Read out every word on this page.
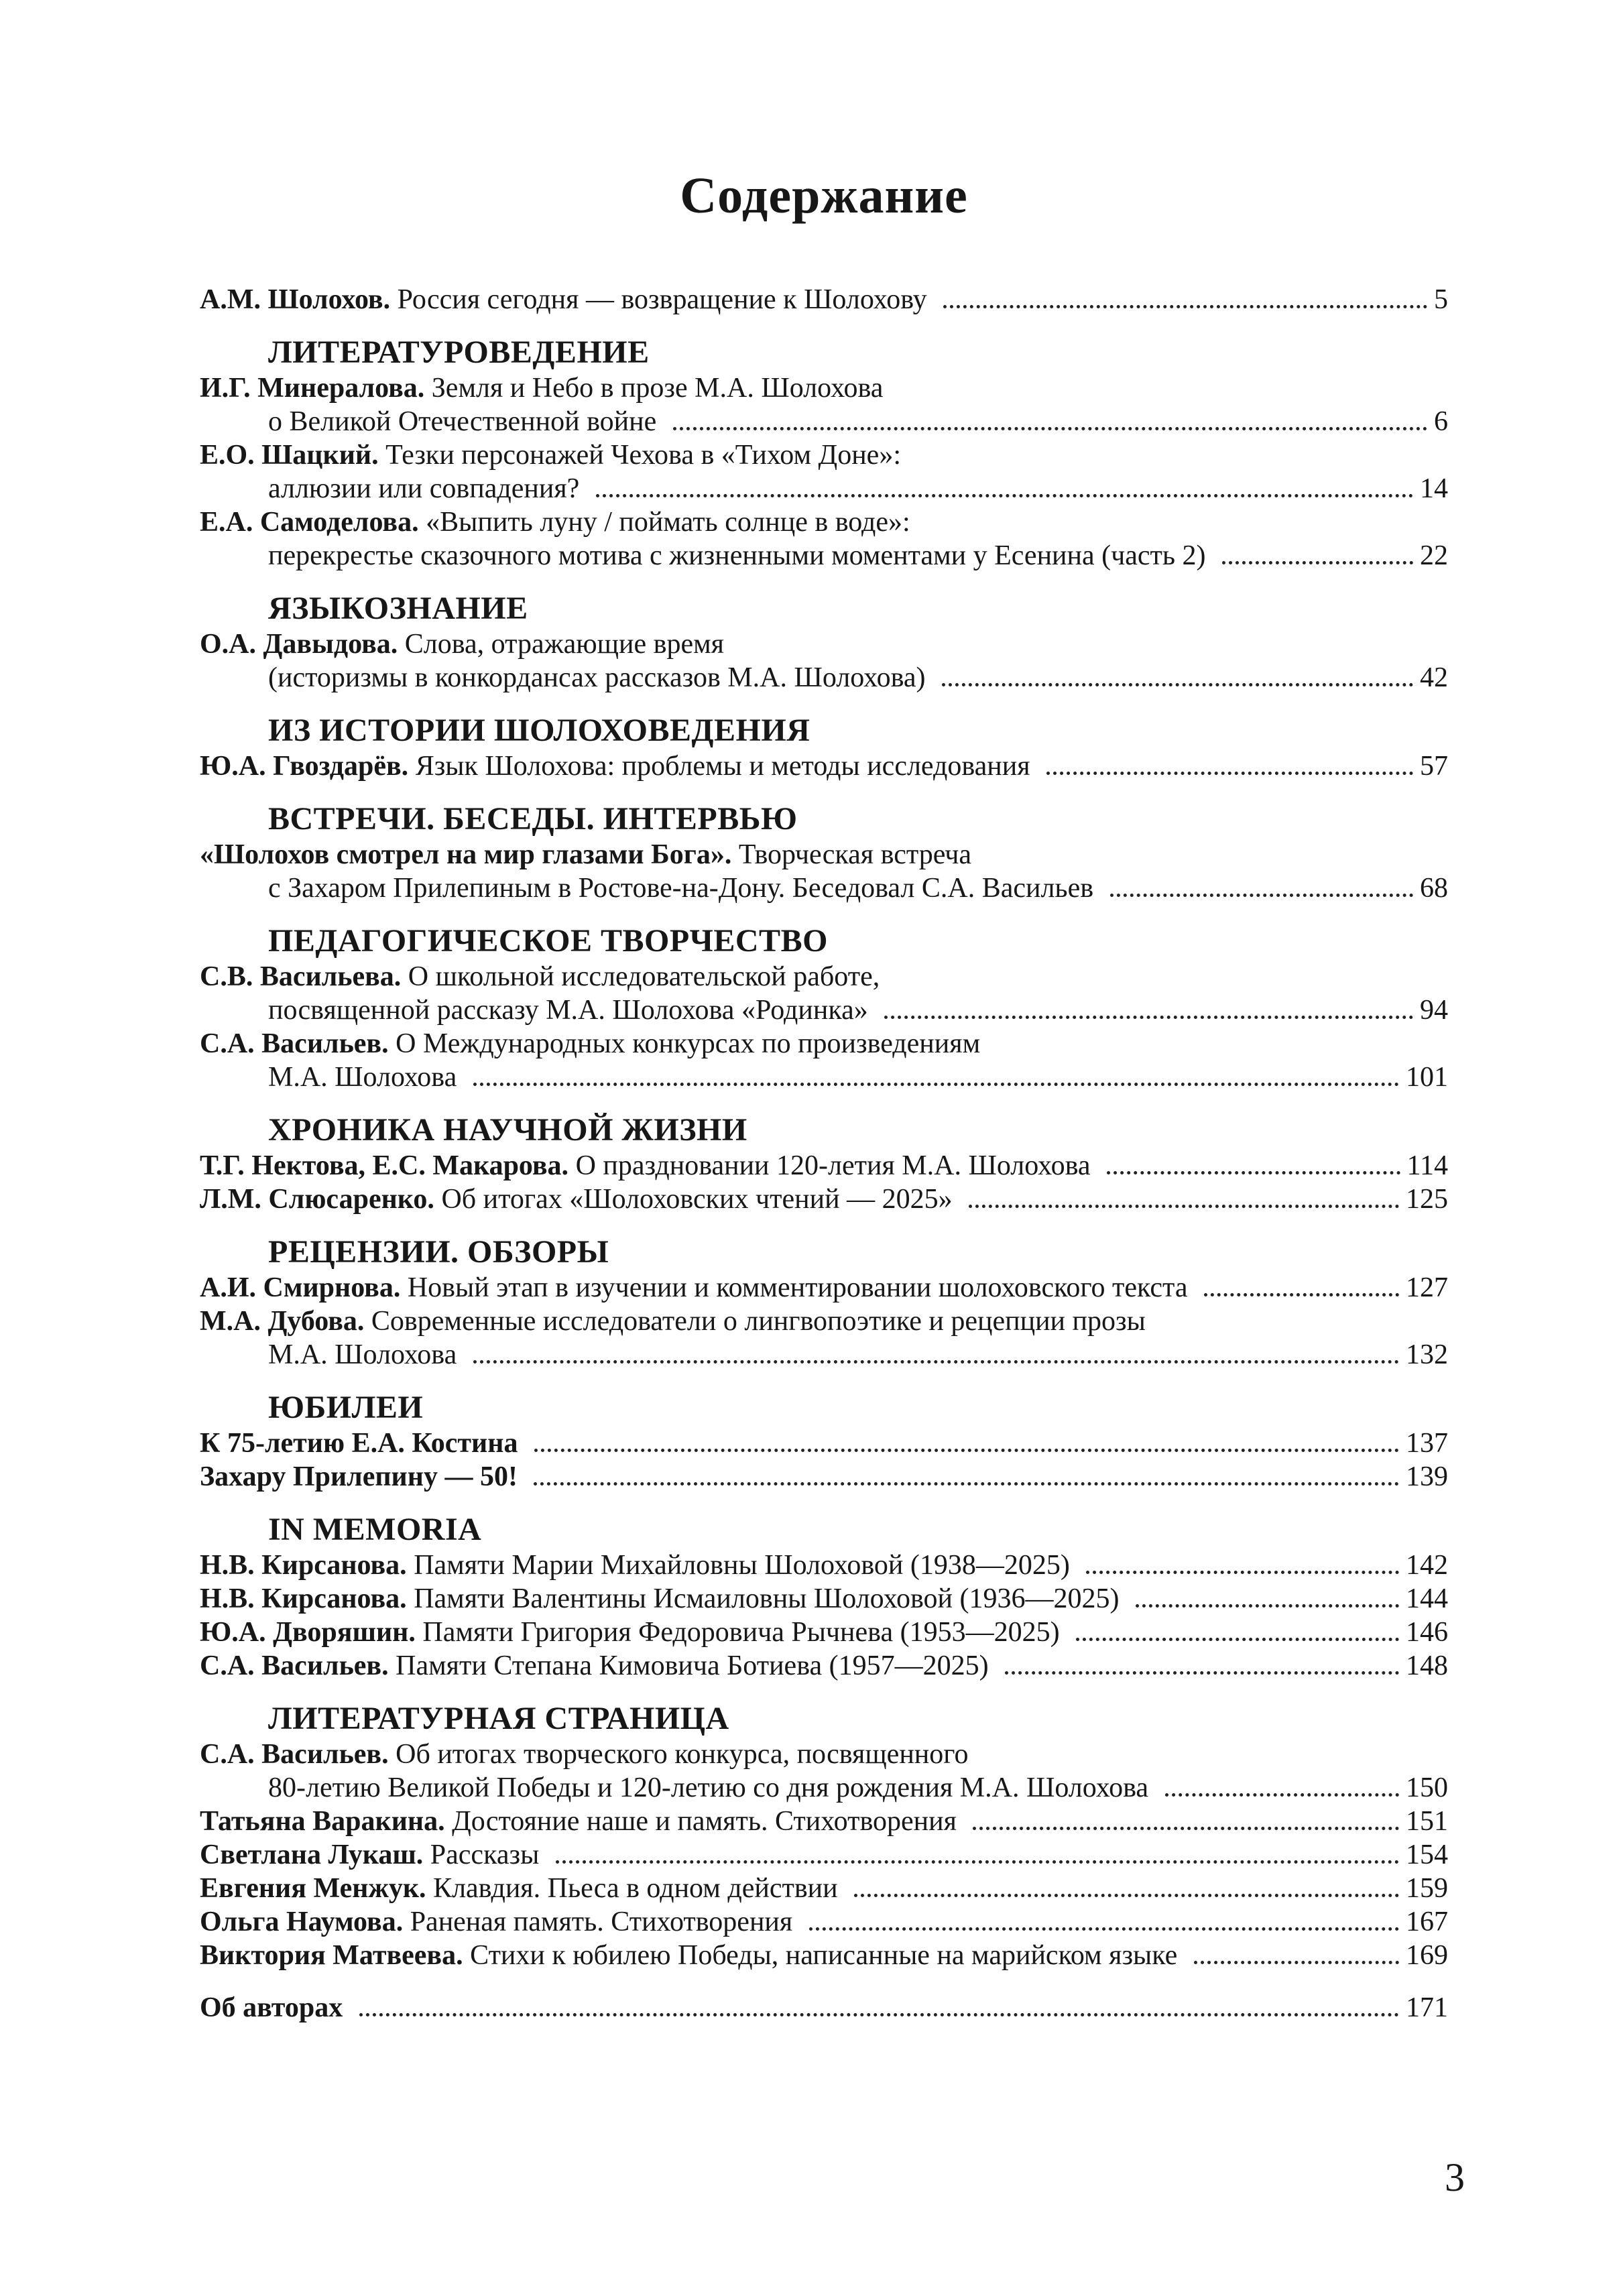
Содержание
А.М. Шолохов. Россия сегодня — возвращение к Шолохову	5
ЛИТЕРАТУРОВЕДЕНИЕ
И.Г. Минералова. Земля и Небо в прозе М.А. Шолохова
о Великой Отечественной войне	6
Е.О. Шацкий. Тезки персонажей Чехова в «Тихом Доне»:
аллюзии или совпадения?	14
Е.А. Самоделова. «Выпить луну / поймать солнце в воде»:
перекрестье сказочного мотива с жизненными моментами у Есенина (часть 2)	22
ЯЗЫКОЗНАНИЕ
О.А. Давыдова. Слова, отражающие время
(историзмы в конкордансах рассказов М.А. Шолохова)	42
ИЗ ИСТОРИИ ШОЛОХОВЕДЕНИЯ
Ю.А. Гвоздарёв. Язык Шолохова: проблемы и методы исследования	57
ВСТРЕЧИ. БЕСЕДЫ. ИНТЕРВЬЮ
«Шолохов смотрел на мир глазами Бога». Творческая встреча
с Захаром Прилепиным в Ростове-на-Дону. Беседовал С.А. Васильев	68
ПЕДАГОГИЧЕСКОЕ ТВОРЧЕСТВО
С.В. Васильева. О школьной исследовательской работе,
посвященной рассказу М.А. Шолохова «Родинка»	94
С.А. Васильев. О Международных конкурсах по произведениям
М.А. Шолохова	101
ХРОНИКА НАУЧНОЙ ЖИЗНИ
Т.Г. Нектова, Е.С. Макарова. О праздновании 120-летия М.А. Шолохова	114
Л.М. Слюсаренко. Об итогах «Шолоховских чтений — 2025»	125
РЕЦЕНЗИИ. ОБЗОРЫ
А.И. Смирнова. Новый этап в изучении и комментировании шолоховского текста	127
М.А. Дубова. Современные исследователи о лингвопоэтике и рецепции прозы
М.А. Шолохова	132
ЮБИЛЕИ
К 75-летию Е.А. Костина	137
Захару Прилепину — 50!	139
IN MEMORIA
Н.В. Кирсанова. Памяти Марии Михайловны Шолоховой (1938—2025)	142
Н.В. Кирсанова. Памяти Валентины Исмаиловны Шолоховой (1936—2025)	144
Ю.А. Дворяшин. Памяти Григория Федоровича Рычнева (1953—2025)	146
С.А. Васильев. Памяти Степана Кимовича Ботиева (1957—2025)	148
ЛИТЕРАТУРНАЯ СТРАНИЦА
С.А. Васильев. Об итогах творческого конкурса, посвященного
80-летию Великой Победы и 120-летию со дня рождения М.А. Шолохова	150
Татьяна Варакина. Достояние наше и память. Стихотворения	151
Светлана Лукаш. Рассказы	154
Евгения Менжук. Клавдия. Пьеса в одном действии	159
Ольга Наумова. Раненая память. Стихотворения	167
Виктория Матвеева. Стихи к юбилею Победы, написанные на марийском языке	169
Об авторах	171
3
